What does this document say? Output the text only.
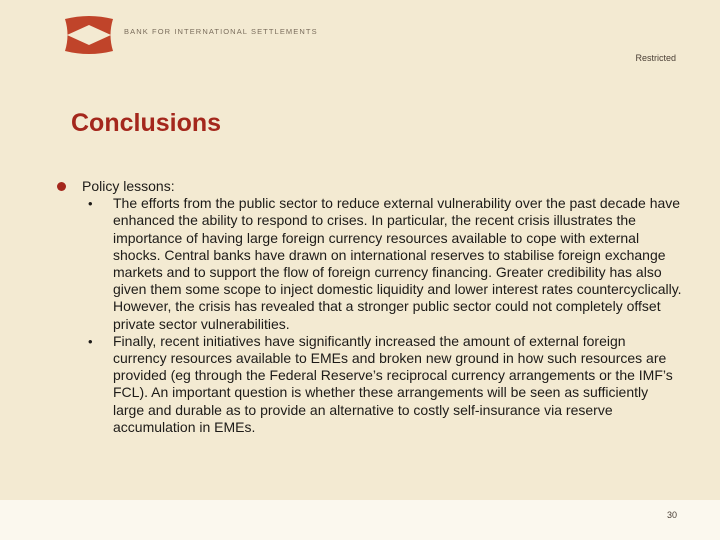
BANK FOR INTERNATIONAL SETTLEMENTS
Restricted
Conclusions
Policy lessons:
• The efforts from the public sector to reduce external vulnerability over the past decade have enhanced the ability to respond to crises. In particular, the recent crisis illustrates the importance of having large foreign currency resources available to cope with external shocks. Central banks have drawn on international reserves to stabilise foreign exchange markets and to support the flow of foreign currency financing. Greater credibility has also given them some scope to inject domestic liquidity and lower interest rates countercyclically. However, the crisis has revealed that a stronger public sector could not completely offset private sector vulnerabilities.
• Finally, recent initiatives have significantly increased the amount of external foreign currency resources available to EMEs and broken new ground in how such resources are provided (eg through the Federal Reserve’s reciprocal currency arrangements or the IMF’s FCL). An important question is whether these arrangements will be seen as sufficiently large and durable as to provide an alternative to costly self-insurance via reserve accumulation in EMEs.
30
